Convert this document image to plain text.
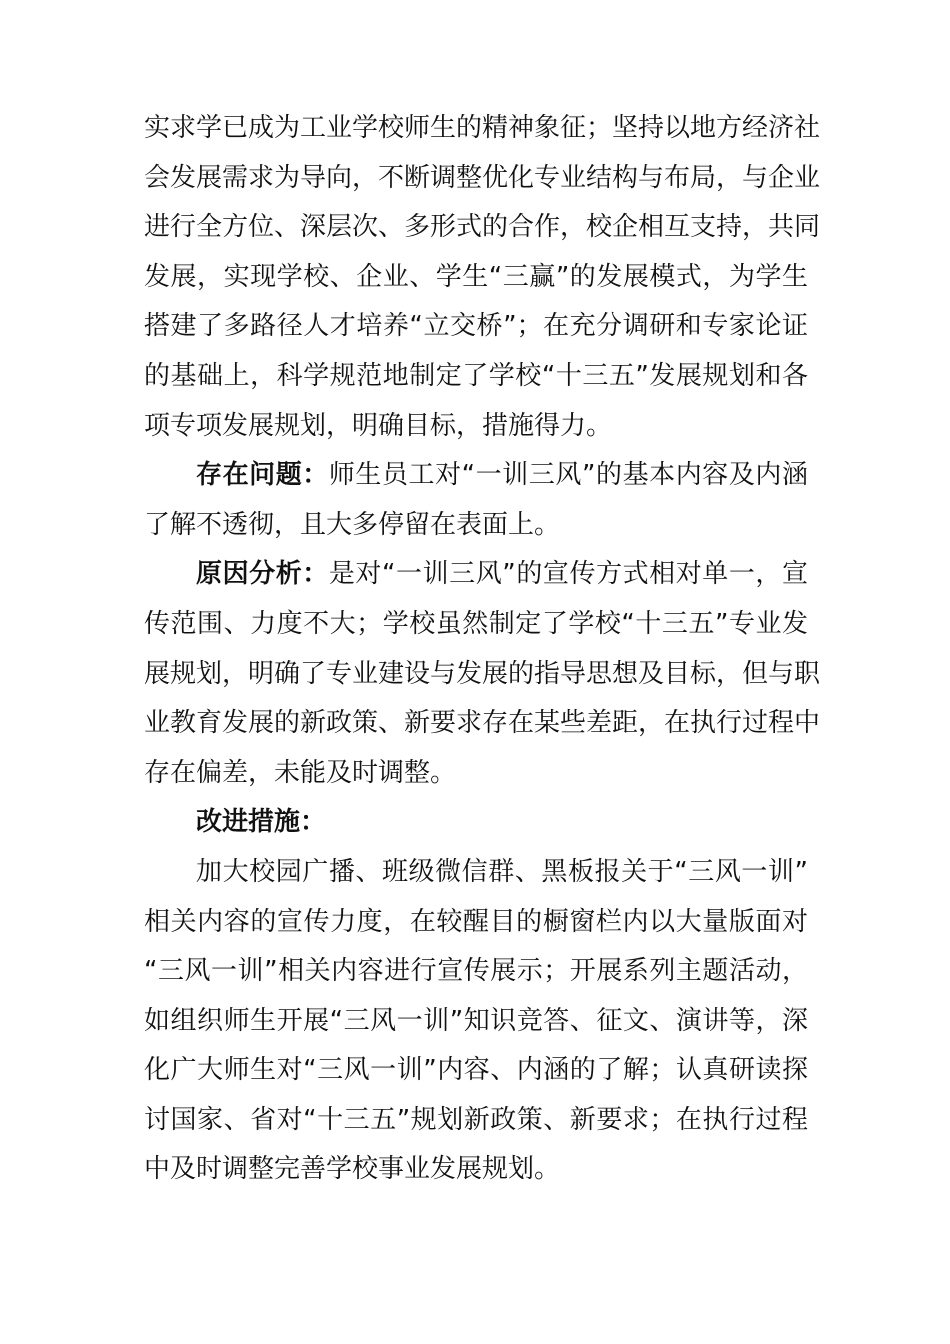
实求学已成为工业学校师生的精神象征；坚持以地方经济社
会发展需求为导向，不断调整优化专业结构与布局，与企业
进行全方位、深层次、多形式的合作，校企相互支持，共同
发展，实现学校、企业、学生“三赢”的发展模式，为学生
搭建了多路径人才培养“立交桥”；在充分调研和专家论证
的基础上，科学规范地制定了学校“十三五”发展规划和各
项专项发展规划，明确目标，措施得力。

存在问题：师生员工对“一训三风”的基本内容及内涵
了解不透彻，且大多停留在表面上。

原因分析：是对“一训三风”的宣传方式相对单一，宣
传范围、力度不大；学校虽然制定了学校“十三五”专业发
展规划，明确了专业建设与发展的指导思想及目标，但与职
业教育发展的新政策、新要求存在某些差距，在执行过程中
存在偏差，未能及时调整。

改进措施：

加大校园广播、班级微信群、黑板报关于“三风一训”
相关内容的宣传力度，在较醒目的橱窗栏内以大量版面对
“三风一训”相关内容进行宣传展示；开展系列主题活动，
如组织师生开展“三风一训”知识竞答、征文、演讲等，深
化广大师生对“三风一训”内容、内涵的了解；认真研读探
讨国家、省对“十三五”规划新政策、新要求；在执行过程
中及时调整完善学校事业发展规划。
